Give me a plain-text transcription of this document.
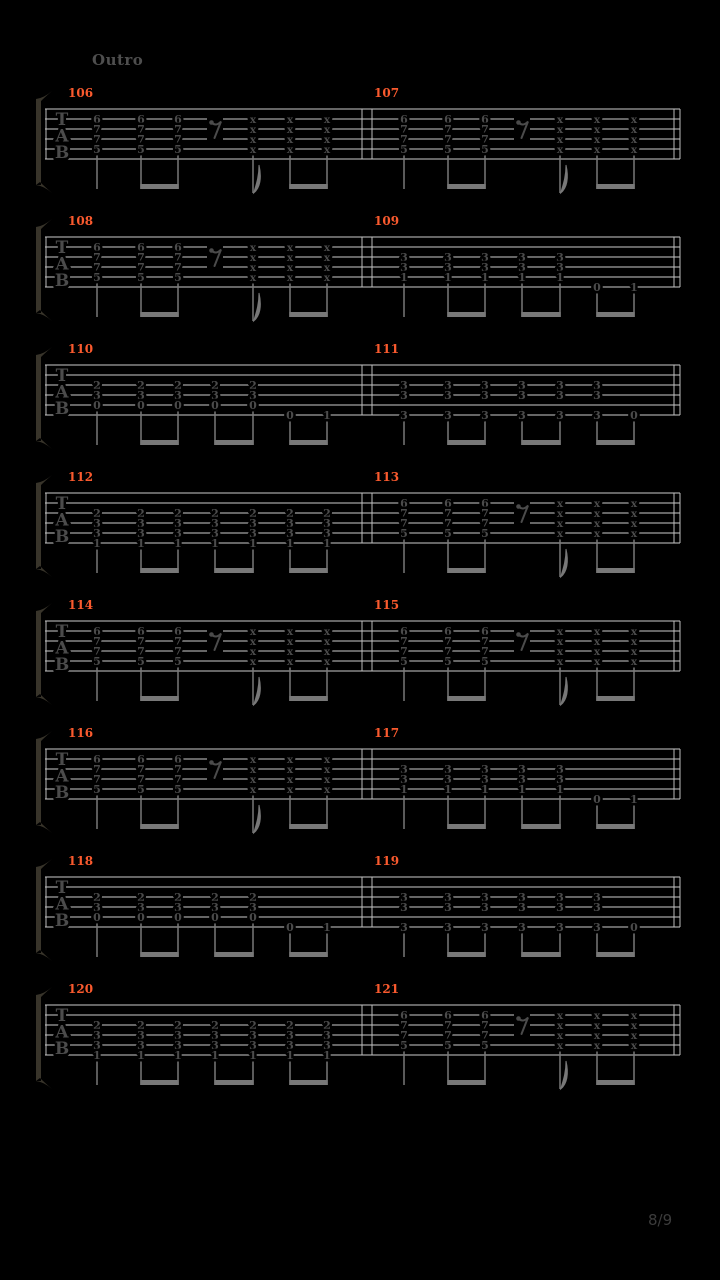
Outro
T
A
B
106
6
7
7
5
6
7
7
5
6
7
7
5
x
x
x
x
x
x
x
x
x
x
x
x
107
6
7
7
5
6
7
7
5
6
7
7
5
x
x
x
x
x
x
x
x
x
x
x
x
T
A
B
108
6
7
7
5
6
7
7
5
6
7
7
5
x
x
x
x
x
x
x
x
x
x
x
x
109
3
3
1
3
3
1
3
3
1
3
3
1
3
3
1
0	1
T
A
B
110
2
3
0
2
3
0
2
3
0
2
3
0
2
3
0
0	1
111
3
3
3
3
3
3
3
3
3
3
3
3
3
3
3
3
3
3	0
T
A
B
112
2
3
3
1
2
3
3
1
2
3
3
1
2
3
3
1
2
3
3
1
2
3
3
1
2
3
3
1
113
6
7
7
5
6
7
7
5
6
7
7
5
x
x
x
x
x
x
x
x
x
x
x
x
T
A
B
114
6
7
7
5
6
7
7
5
6
7
7
5
x
x
x
x
x
x
x
x
x
x
x
x
115
6
7
7
5
6
7
7
5
6
7
7
5
x
x
x
x
x
x
x
x
x
x
x
x
T
A
B
116
6
7
7
5
6
7
7
5
6
7
7
5
x
x
x
x
x
x
x
x
x
x
x
x
117
3
3
1
3
3
1
3
3
1
3
3
1
3
3
1
0	1
T
A
B
118
2
3
0
2
3
0
2
3
0
2
3
0
2
3
0
0	1
119
3
3
3
3
3
3
3
3
3
3
3
3
3
3
3
3
3
3	0
T
A
B
120
2
3
3
1
2
3
3
1
2
3
3
1
2
3
3
1
2
3
3
1
2
3
3
1
2
3
3
1
121
6
7
7
5
6
7
7
5
6
7
7
5
x
x
x
x
x
x
x
x
x
x
x
x
8/9
